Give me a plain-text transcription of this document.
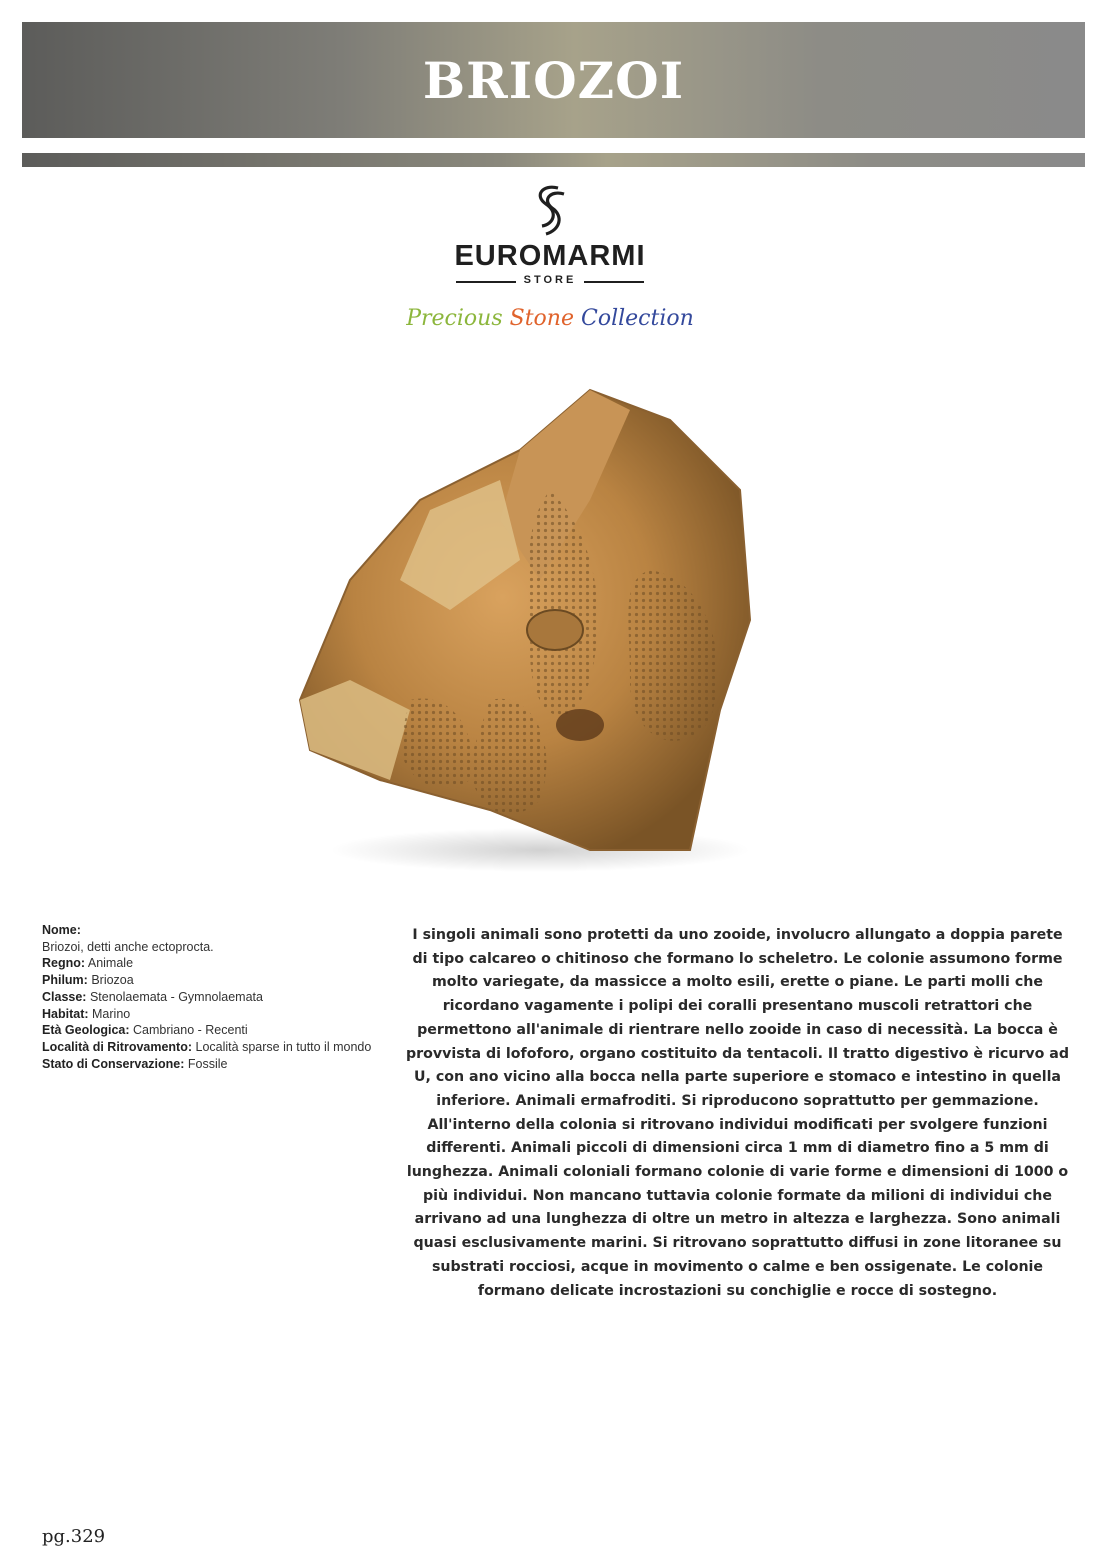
BRIOZOI
EUROMARMI
STORE
Precious Stone Collection
Nome:
Briozoi, detti anche ectoprocta.
Regno: Animale
Philum: Briozoa
Classe: Stenolaemata - Gymnolaemata
Habitat: Marino
Età Geologica: Cambriano - Recenti
Località di Ritrovamento: Località sparse in tutto il mondo
Stato di Conservazione: Fossile

I singoli animali sono protetti da uno zooide, involucro allungato a doppia parete di tipo calcareo o chitinoso che formano lo scheletro. Le colonie assumono forme molto variegate, da massicce a molto esili, erette o piane. Le parti molli che ricordano vagamente i polipi dei coralli presentano muscoli retrattori che permettono all'animale di rientrare nello zooide in caso di necessità. La bocca è provvista di lofoforo, organo costituito da tentacoli. Il tratto digestivo è ricurvo ad U, con ano vicino alla bocca nella parte superiore e stomaco e intestino in quella inferiore. Animali ermafroditi. Si riproducono soprattutto per gemmazione. All'interno della colonia si ritrovano individui modificati per svolgere funzioni differenti. Animali piccoli di dimensioni circa 1 mm di diametro fino a 5 mm di lunghezza. Animali coloniali formano colonie di varie forme e dimensioni di 1000 o più individui. Non mancano tuttavia colonie formate da milioni di individui che arrivano ad una lunghezza di oltre un metro in altezza e larghezza. Sono animali quasi esclusivamente marini. Si ritrovano soprattutto diffusi in zone litoranee su substrati rocciosi, acque in movimento o calme e ben ossigenate. Le colonie formano delicate incrostazioni su conchiglie e rocce di sostegno.

pg.329
